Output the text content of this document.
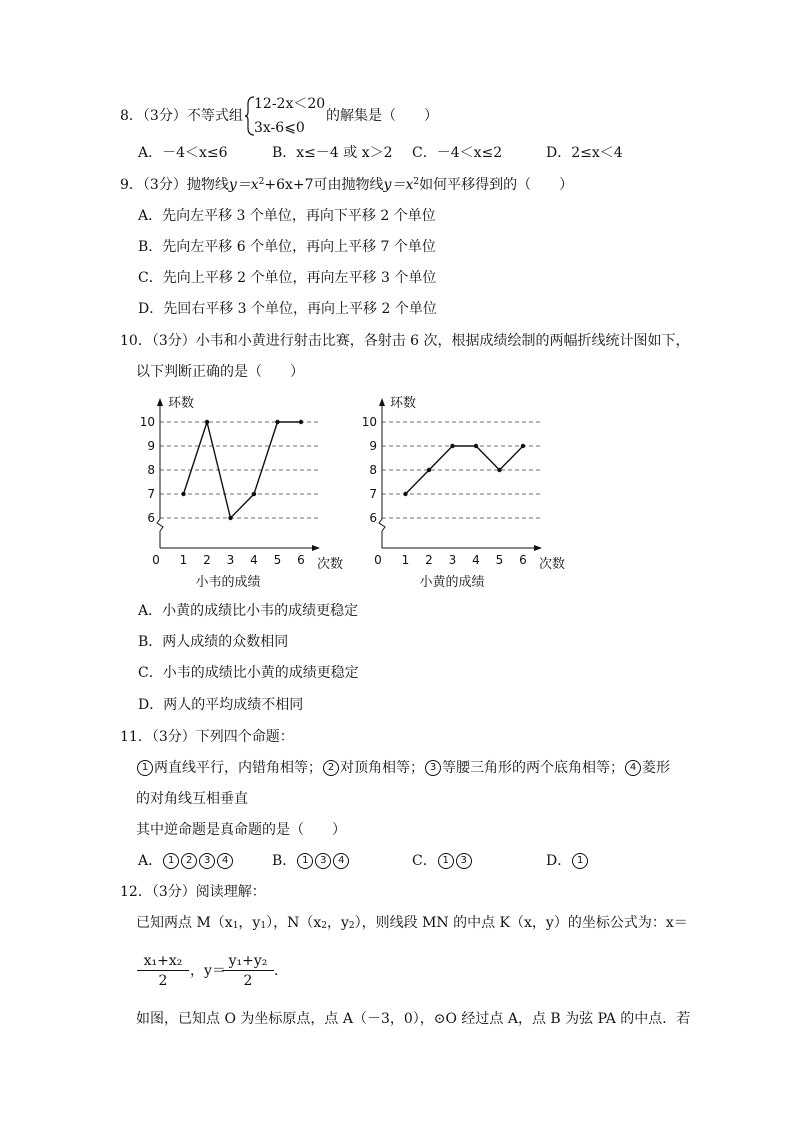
8．（3分）不等式组
12-2x＜20
3x-6⩽0
的解集是（　　）
A．－4＜x≤6	B．x≤－4 或 x＞2 C．－4＜x≤2	D．2≤x＜4
9．（3分）抛物线$y=x^2+6x+7$可由抛物线$y=x^2$如何平移得到的（　　）
A．先向左平移 3 个单位，再向下平移 2 个单位
B．先向左平移 6 个单位，再向上平移 7 个单位
C．先向上平移 2 个单位，再向左平移 3 个单位
D．先回右平移 3 个单位，再向上平移 2 个单位
10．（3分）小韦和小黄进行射击比赛，各射击 6 次，根据成绩绘制的两幅折线统计图如下，
以下判断正确的是（　　）
6
7
8
9
10
0 1 2 3 4 5 6
环数
次数
小韦的成绩
6
7
8
9
10
0 1 2 3 4 5 6
环数
次数
小黄的成绩
A．小黄的成绩比小韦的成绩更稳定
B．两人成绩的众数相同
C．小韦的成绩比小黄的成绩更稳定
D．两人的平均成绩不相同
11．（3分）下列四个命题：
1 两直线平行，内错角相等； 2 对顶角相等； 3 等腰三角形的两个底角相等； 4 菱形
的对角线互相垂直
其中逆命题是真命题的是（　　）
A． 1 2 3 4	B． 1 3 4	C． 1 3	D． 1
12．（3分）阅读理解：
已知两点 $M(x_1$，$y_1$），$N(x_2$，$y_2$），则线段 MN 的中点 K（x，y）的坐标公式为：x＝
$\frac{\text{x₁+x₂}}{2}$ ，y＝
$\frac{\text{y₁+y₂}}{2}$ ．
如图，已知点 O 为坐标原点，点 A（－3，0），⊙O 经过点 A，点 B 为弦 PA 的中点．若
